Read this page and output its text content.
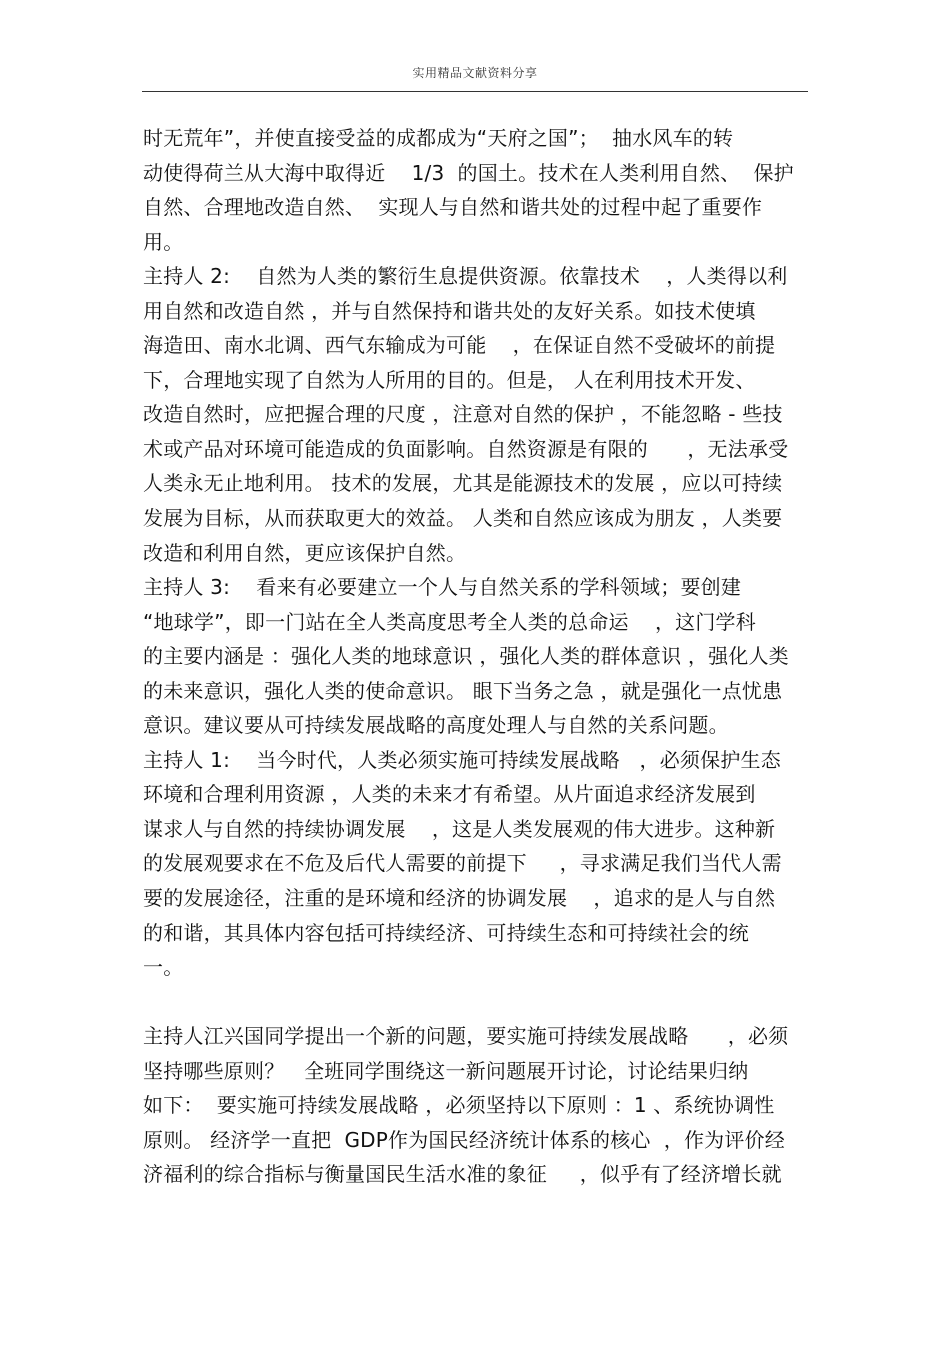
实用精品文献资料分享
时无荒年”，并使直接受益的成都成为“天府之国”；  抽水风车的转
动使得荷兰从大海中取得近    1/3  的国土。技术在人类利用自然、  保护
自然、合理地改造自然、  实现人与自然和谐共处的过程中起了重要作
用。
主持人 2:    自然为人类的繁衍生息提供资源。依靠技术    ，人类得以利
用自然和改造自然 ，并与自然保持和谐共处的友好关系。如技术使填
海造田、南水北调、西气东输成为可能    ，在保证自然不受破坏的前提
下，合理地实现了自然为人所用的目的。但是， 人在利用技术开发、
改造自然时，应把握合理的尺度 ，注意对自然的保护 ，不能忽略 - 些技
术或产品对环境可能造成的负面影响。自然资源是有限的      ，无法承受
人类永无止地利用。 技术的发展，尤其是能源技术的发展 ，应以可持续
发展为目标，从而获取更大的效益。 人类和自然应该成为朋友 ，人类要
改造和利用自然，更应该保护自然。
主持人 3:    看来有必要建立一个人与自然关系的学科领域；要创建
“地球学”，即一门站在全人类高度思考全人类的总命运    ，这门学科
的主要内涵是 ：强化人类的地球意识 ，强化人类的群体意识 ，强化人类
的未来意识，强化人类的使命意识。 眼下当务之急 ，就是强化一点忧患
意识。建议要从可持续发展战略的高度处理人与自然的关系问题。
主持人 1:    当今时代，人类必须实施可持续发展战略   ，必须保护生态
环境和合理利用资源 ，人类的未来才有希望。从片面追求经济发展到
谋求人与自然的持续协调发展    ，这是人类发展观的伟大进步。这种新
的发展观要求在不危及后代人需要的前提下     ，寻求满足我们当代人需
要的发展途径，注重的是环境和经济的协调发展    ，追求的是人与自然
的和谐，其具体内容包括可持续经济、可持续生态和可持续社会的统
一。
主持人江兴国同学提出一个新的问题，要实施可持续发展战略      ，必须
坚持哪些原则？   全班同学围绕这一新问题展开讨论，讨论结果归纳
如下：  要实施可持续发展战略 ，必须坚持以下原则 ：1 、系统协调性
原则。 经济学一直把  GDP作为国民经济统计体系的核心  ，作为评价经
济福利的综合指标与衡量国民生活水准的象征     ，似乎有了经济增长就
